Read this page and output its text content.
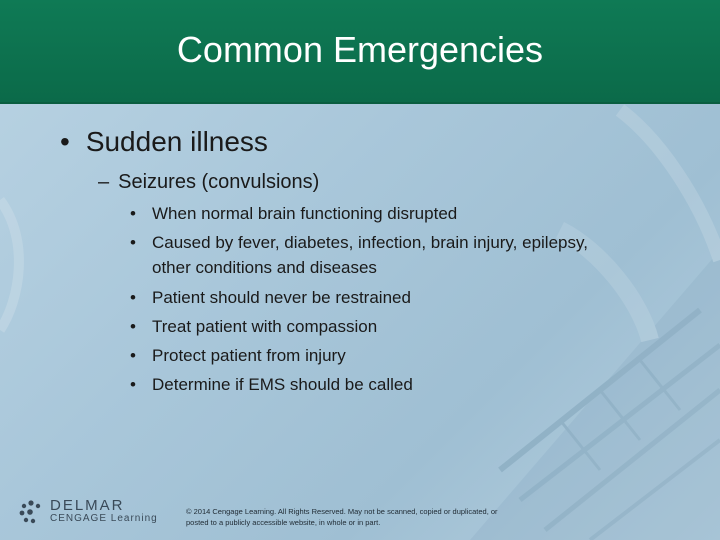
Common Emergencies
• Sudden illness
– Seizures (convulsions)
• When normal brain functioning disrupted
• Caused by fever, diabetes, infection, brain injury, epilepsy, other conditions and diseases
• Patient should never be restrained
• Treat patient with compassion
• Protect patient from injury
• Determine if EMS should be called
DELMAR
CENGAGE Learning
© 2014 Cengage Learning. All Rights Reserved. May not be scanned, copied or duplicated, or posted to a publicly accessible website, in whole or in part.
